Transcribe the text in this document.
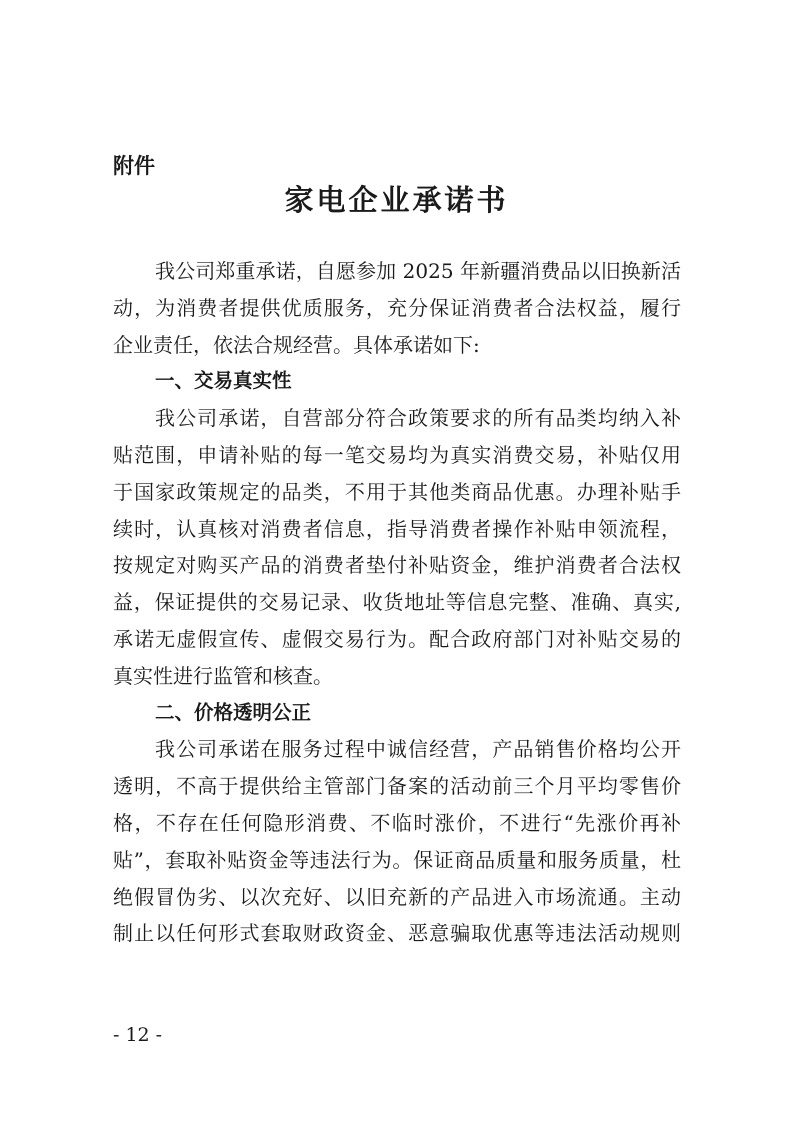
附件

家电企业承诺书
我公司郑重承诺，自愿参加 2025 年新疆消费品以旧换新活
动，为消费者提供优质服务，充分保证消费者合法权益，履行
企业责任，依法合规经营。具体承诺如下:
一、交易真实性
我公司承诺，自营部分符合政策要求的所有品类均纳入补
贴范围，申请补贴的每一笔交易均为真实消费交易，补贴仅用
于国家政策规定的品类，不用于其他类商品优惠。办理补贴手
续时，认真核对消费者信息，指导消费者操作补贴申领流程，
按规定对购买产品的消费者垫付补贴资金，维护消费者合法权
益，保证提供的交易记录、收货地址等信息完整、准确、真实,
承诺无虚假宣传、虚假交易行为。配合政府部门对补贴交易的
真实性进行监管和核查。
二、价格透明公正
我公司承诺在服务过程中诚信经营，产品销售价格均公开
透明，不高于提供给主管部门备案的活动前三个月平均零售价
格，不存在任何隐形消费、不临时涨价，不进行“先涨价再补
贴”，套取补贴资金等违法行为。保证商品质量和服务质量，杜
绝假冒伪劣、以次充好、以旧充新的产品进入市场流通。主动
制止以任何形式套取财政资金、恶意骗取优惠等违法活动规则

- 12 -
